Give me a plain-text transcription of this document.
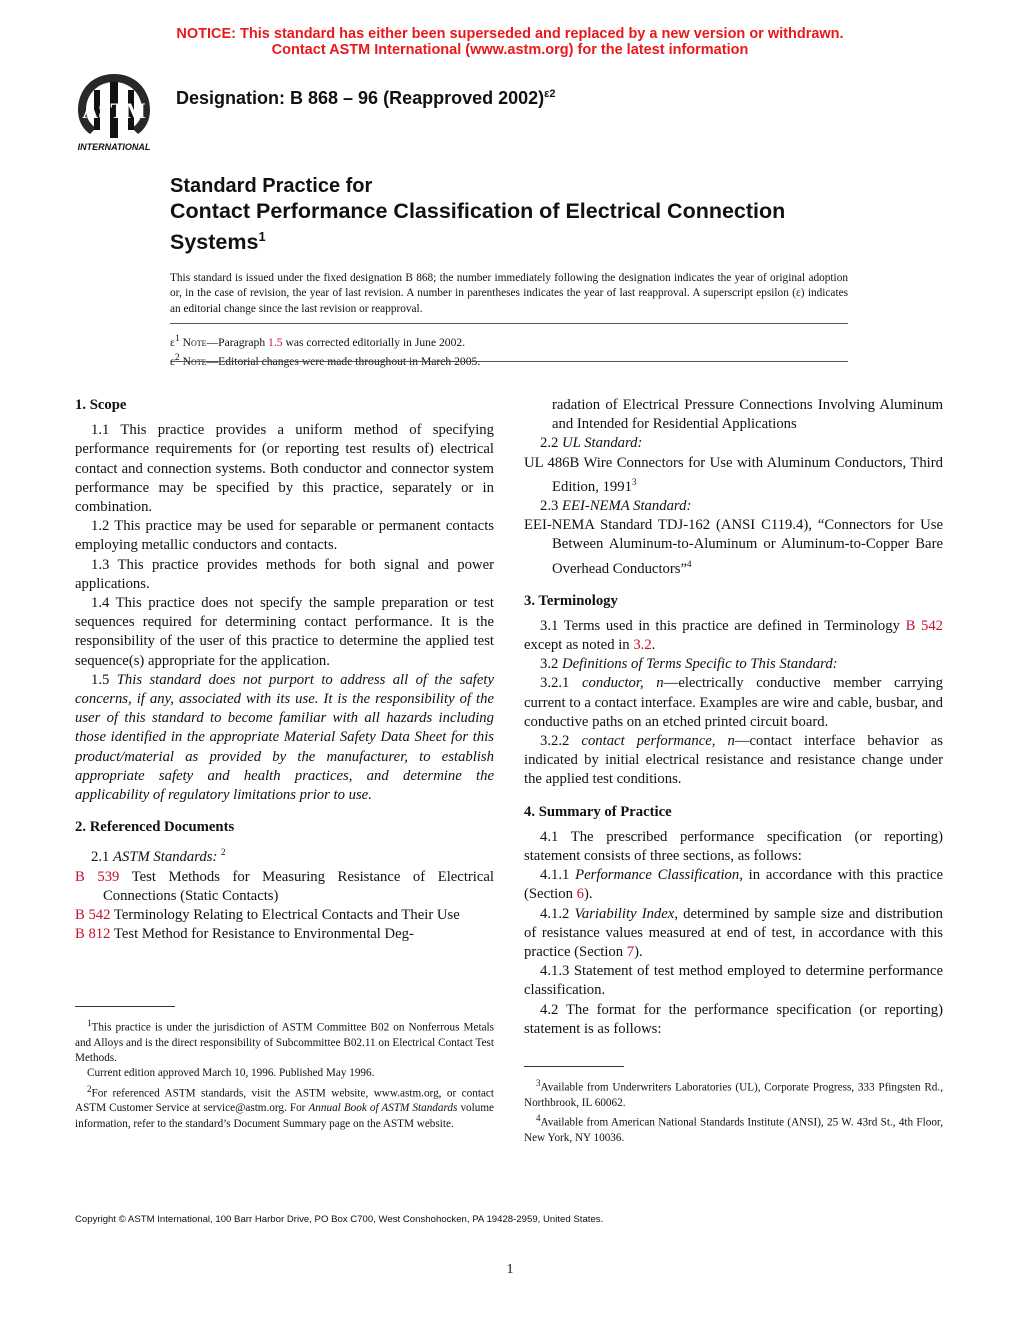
NOTICE: This standard has either been superseded and replaced by a new version or withdrawn.
Contact ASTM International (www.astm.org) for the latest information
ASTM
INTERNATIONAL
Designation: B 868 – 96 (Reapproved 2002)$^{\varepsilon 2}$
Standard Practice for
Contact Performance Classification of Electrical Connection
Systems$^1$
This standard is issued under the fixed designation B 868; the number immediately following the designation indicates the year of original adoption or, in the case of revision, the year of last revision. A number in parentheses indicates the year of last reapproval. A superscript epsilon (ε) indicates an editorial change since the last revision or reapproval.
$\varepsilon^1$ Note—Paragraph 1.5 was corrected editorially in June 2002.
$\varepsilon^2$ Note—Editorial changes were made throughout in March 2005.
1. Scope

1.1 This practice provides a uniform method of specifying performance requirements for (or reporting test results of) electrical contact and connection systems. Both conductor and connector system performance may be specified by this practice, separately or in combination.

1.2 This practice may be used for separable or permanent contacts employing metallic conductors and contacts.

1.3 This practice provides methods for both signal and power applications.

1.4 This practice does not specify the sample preparation or test sequences required for determining contact performance. It is the responsibility of the user of this practice to determine the applied test sequence(s) appropriate for the application.

1.5 This standard does not purport to address all of the safety concerns, if any, associated with its use. It is the responsibility of the user of this standard to become familiar with all hazards including those identified in the appropriate Material Safety Data Sheet for this product/material as provided by the manufacturer, to establish appropriate safety and health practices, and determine the applicability of regulatory limitations prior to use.

2. Referenced Documents

2.1 ASTM Standards: $^2$

B 539 Test Methods for Measuring Resistance of Electrical Connections (Static Contacts)

B 542 Terminology Relating to Electrical Contacts and Their Use

B 812 Test Method for Resistance to Environmental Deg-

$^1$This practice is under the jurisdiction of ASTM Committee B02 on Nonferrous Metals and Alloys and is the direct responsibility of Subcommittee B02.11 on Electrical Contact Test Methods.

Current edition approved March 10, 1996. Published May 1996.

$^2$For referenced ASTM standards, visit the ASTM website, www.astm.org, or contact ASTM Customer Service at service@astm.org. For Annual Book of ASTM Standards volume information, refer to the standard’s Document Summary page on the ASTM website.

radation of Electrical Pressure Connections Involving Aluminum and Intended for Residential Applications

2.2 UL Standard:

UL 486B Wire Connectors for Use with Aluminum Conductors, Third Edition, 1991$^3$

2.3 EEI-NEMA Standard:

EEI-NEMA Standard TDJ-162 (ANSI C119.4), “Connectors for Use Between Aluminum-to-Aluminum or Aluminum-to-Copper Bare Overhead Conductors”$^4$

3. Terminology

3.1 Terms used in this practice are defined in Terminology B 542 except as noted in 3.2.

3.2 Definitions of Terms Specific to This Standard:

3.2.1 conductor, n—electrically conductive member carrying current to a contact interface. Examples are wire and cable, busbar, and conductive paths on an etched printed circuit board.

3.2.2 contact performance, n—contact interface behavior as indicated by initial electrical resistance and resistance change under the applied test conditions.

4. Summary of Practice

4.1 The prescribed performance specification (or reporting) statement consists of three sections, as follows:

4.1.1 Performance Classification, in accordance with this practice (Section 6).

4.1.2 Variability Index, determined by sample size and distribution of resistance values measured at end of test, in accordance with this practice (Section 7).

4.1.3 Statement of test method employed to determine performance classification.

4.2 The format for the performance specification (or reporting) statement is as follows:

$^3$Available from Underwriters Laboratories (UL), Corporate Progress, 333 Pfingsten Rd., Northbrook, IL 60062.

$^4$Available from American National Standards Institute (ANSI), 25 W. 43rd St., 4th Floor, New York, NY 10036.

Copyright © ASTM International, 100 Barr Harbor Drive, PO Box C700, West Conshohocken, PA 19428-2959, United States.
1
